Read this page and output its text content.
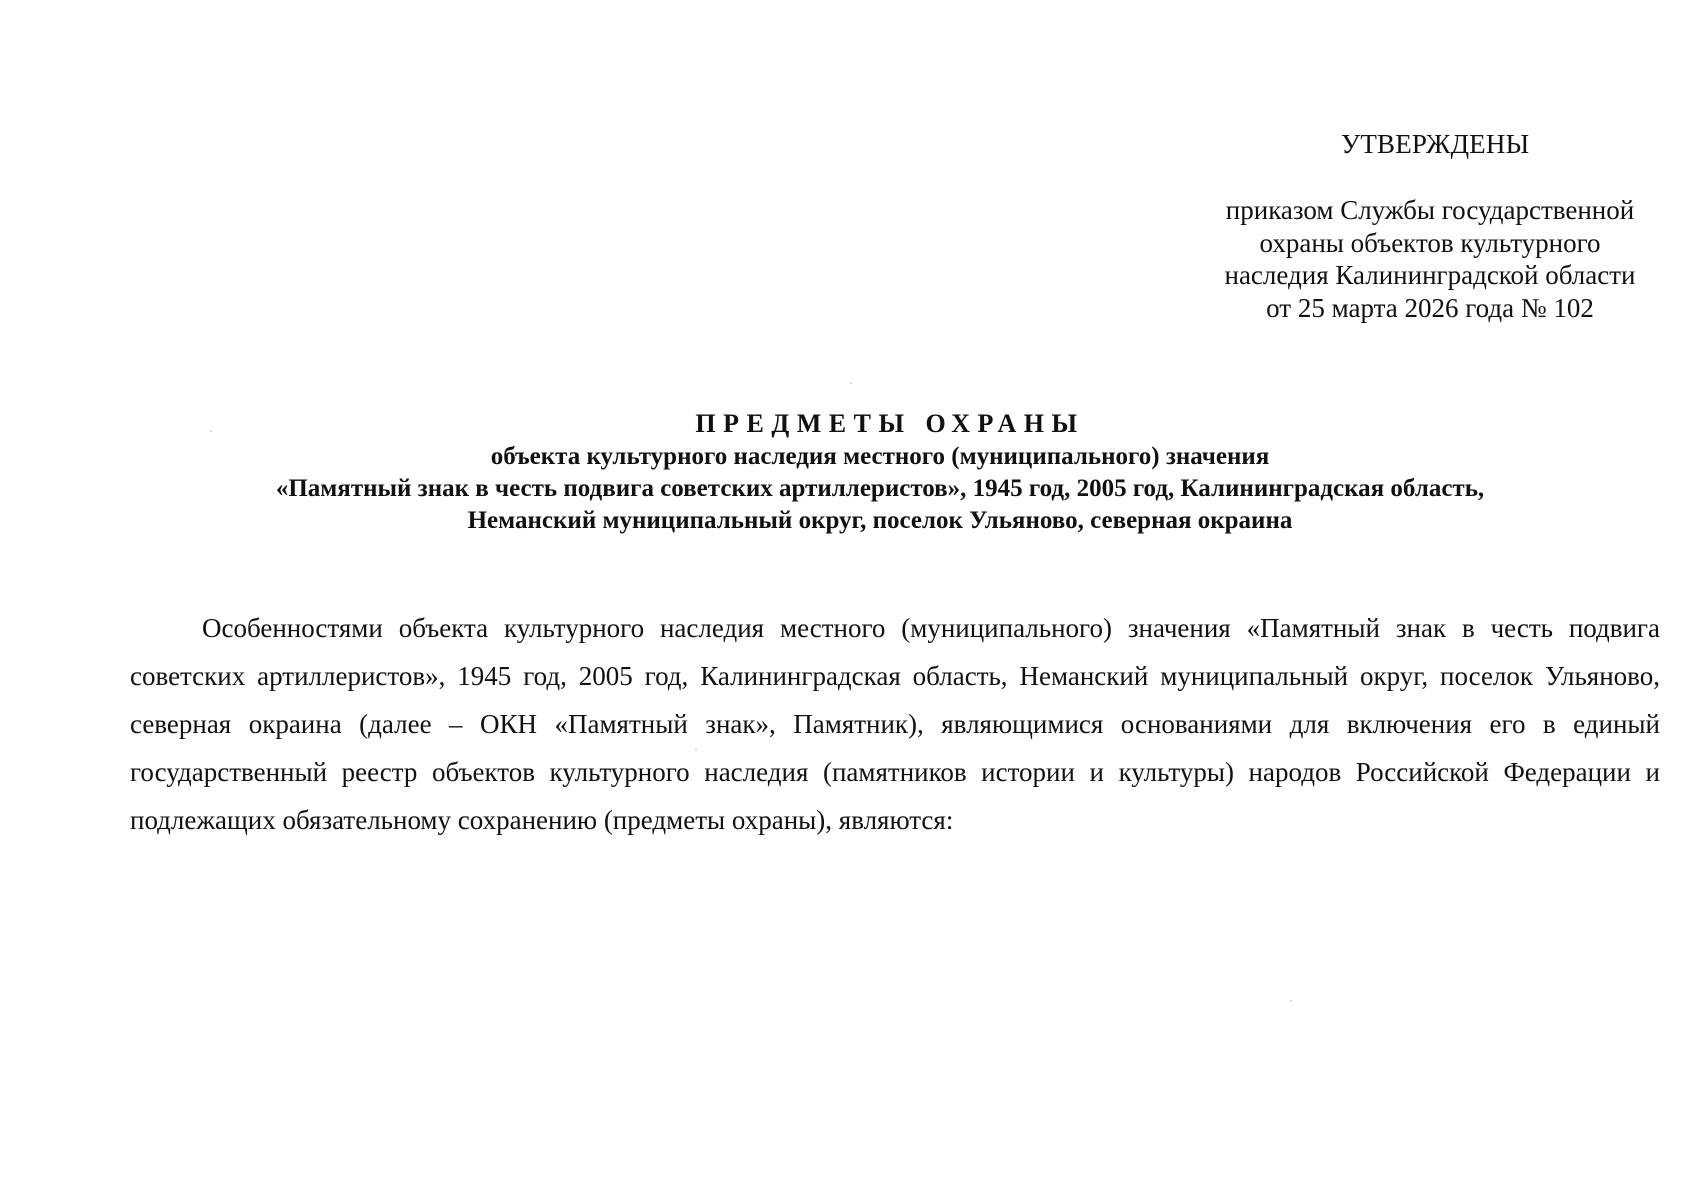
УТВЕРЖДЕНЫ
приказом Службы государственной
охраны объектов культурного
наследия Калининградской области
от 25 марта 2026 года № 102
ПРЕДМЕТЫ ОХРАНЫ
объекта культурного наследия местного (муниципального) значения
«Памятный знак в честь подвига советских артиллеристов», 1945 год, 2005 год, Калининградская область,
Неманский муниципальный округ, поселок Ульяново, северная окраина

Особенностями объекта культурного наследия местного (муниципального) значения «Памятный знак в честь подвига советских артиллеристов», 1945 год, 2005 год, Калининградская область, Неманский муниципальный округ, поселок Ульяново, северная окраина (далее – ОКН «Памятный знак», Памятник), являющимися основаниями для включения его в единый государственный реестр объектов культурного наследия (памятников истории и культуры) народов Российской Федерации и подлежащих обязательному сохранению (предметы охраны), являются:
